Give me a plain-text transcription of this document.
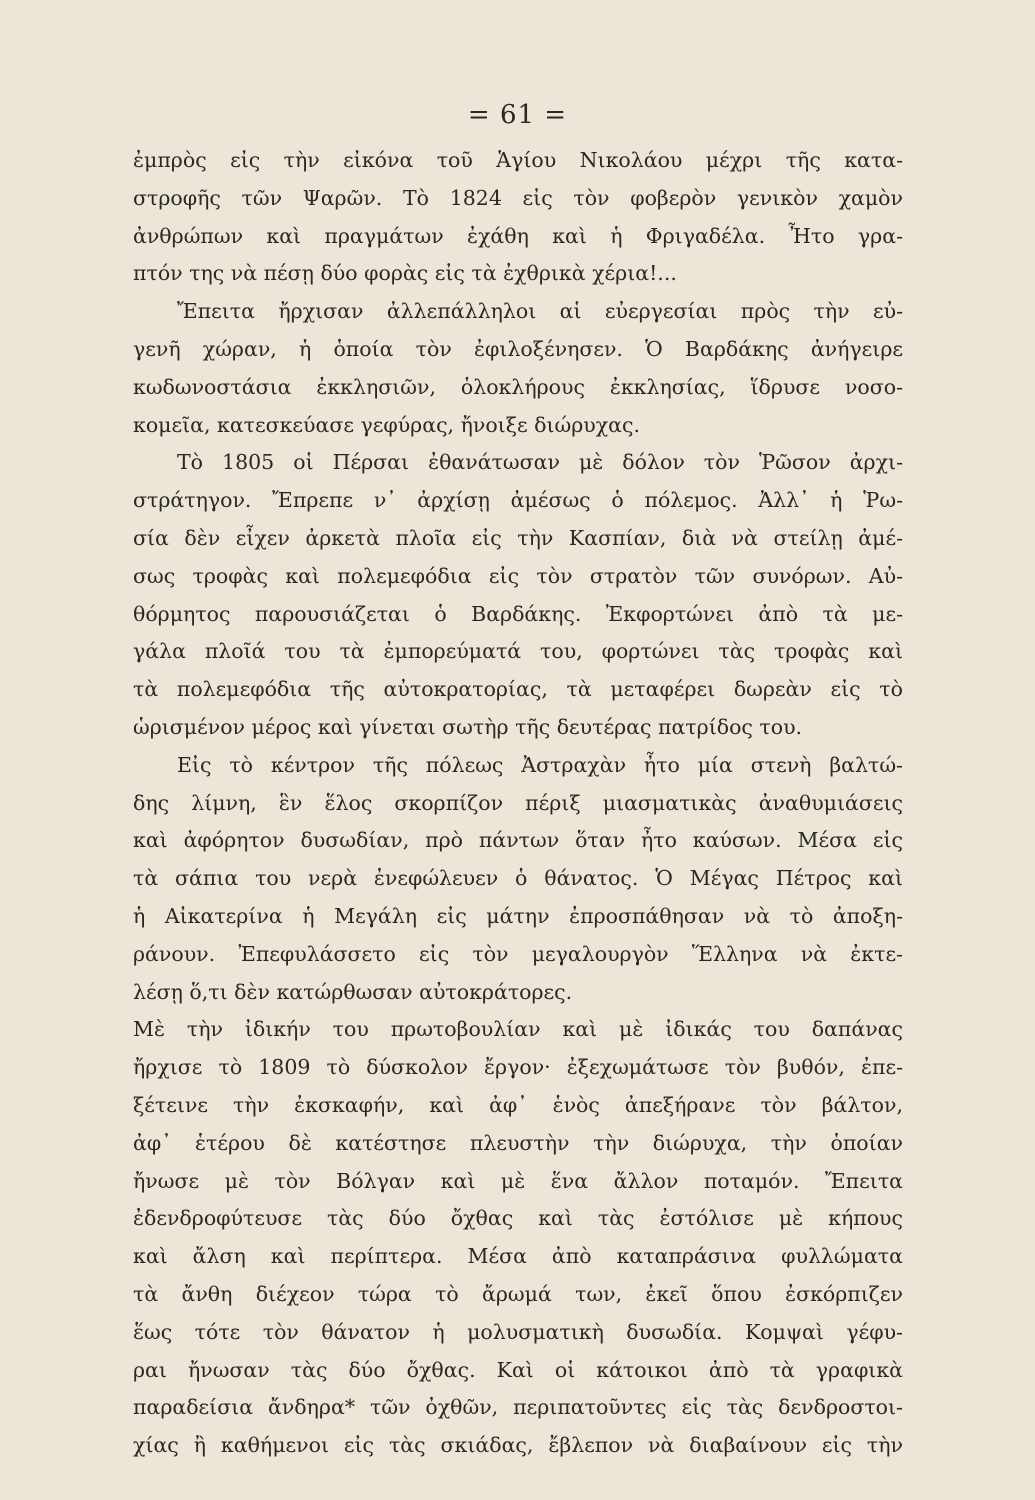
= 61 =
ἐμπρὸς εἰς τὴν εἰκόνα τοῦ Ἁγίου Νικολάου μέχρι τῆς κατα-
στροφῆς τῶν Ψαρῶν. Τὸ 1824 εἰς τὸν φοβερὸν γενικὸν χαμὸν
ἀνθρώπων καὶ πραγμάτων ἐχάθη καὶ ἡ Φριγαδέλα. Ἦτο γρα-
πτόν της νὰ πέσῃ δύο φορὰς εἰς τὰ ἐχθρικὰ χέρια!...
Ἔπειτα ἤρχισαν ἀλλεπάλληλοι αἱ εὐεργεσίαι πρὸς τὴν εὐ-
γενῆ χώραν, ἡ ὁποία τὸν ἐφιλοξένησεν. Ὁ Βαρδάκης ἀνήγειρε
κωδωνοστάσια ἐκκλησιῶν, ὁλοκλήρους ἐκκλησίας, ἵδρυσε νοσο-
κομεῖα, κατεσκεύασε γεφύρας, ἤνοιξε διώρυχας.
Τὸ 1805 οἱ Πέρσαι ἐθανάτωσαν μὲ δόλον τὸν Ῥῶσον ἀρχι-
στράτηγον. Ἔπρεπε ν᾽ ἀρχίσῃ ἀμέσως ὁ πόλεμος. Ἀλλ᾽ ἡ Ῥω-
σία δὲν εἶχεν ἀρκετὰ πλοῖα εἰς τὴν Κασπίαν, διὰ νὰ στείλῃ ἀμέ-
σως τροφὰς καὶ πολεμεφόδια εἰς τὸν στρατὸν τῶν συνόρων. Αὐ-
θόρμητος παρουσιάζεται ὁ Βαρδάκης. Ἐκφορτώνει ἀπὸ τὰ με-
γάλα πλοῖά του τὰ ἐμπορεύματά του, φορτώνει τὰς τροφὰς καὶ
τὰ πολεμεφόδια τῆς αὐτοκρατορίας, τὰ μεταφέρει δωρεὰν εἰς τὸ
ὡρισμένον μέρος καὶ γίνεται σωτὴρ τῆς δευτέρας πατρίδος του.
Εἰς τὸ κέντρον τῆς πόλεως Ἀστραχὰν ἦτο μία στενὴ βαλτώ-
δης λίμνη, ἓν ἕλος σκορπίζον πέριξ μιασματικὰς ἀναθυμιάσεις
καὶ ἀφόρητον δυσωδίαν, πρὸ πάντων ὅταν ἦτο καύσων. Μέσα εἰς
τὰ σάπια του νερὰ ἐνεφώλευεν ὁ θάνατος. Ὁ Μέγας Πέτρος καὶ
ἡ Αἰκατερίνα ἡ Μεγάλη εἰς μάτην ἐπροσπάθησαν νὰ τὸ ἀποξη-
ράνουν. Ἐπεφυλάσσετο εἰς τὸν μεγαλουργὸν Ἕλληνα νὰ ἐκτε-
λέσῃ ὅ,τι δὲν κατώρθωσαν αὐτοκράτορες.
Μὲ τὴν ἰδικήν του πρωτοβουλίαν καὶ μὲ ἰδικάς του δαπάνας
ἤρχισε τὸ 1809 τὸ δύσκολον ἔργον· ἐξεχωμάτωσε τὸν βυθόν, ἐπε-
ξέτεινε τὴν ἐκσκαφήν, καὶ ἀφ᾽ ἑνὸς ἀπεξήρανε τὸν βάλτον,
ἀφ᾽ ἑτέρου δὲ κατέστησε πλευστὴν τὴν διώρυχα, τὴν ὁποίαν
ἤνωσε μὲ τὸν Βόλγαν καὶ μὲ ἕνα ἄλλον ποταμόν. Ἔπειτα
ἐδενδροφύτευσε τὰς δύο ὄχθας καὶ τὰς ἐστόλισε μὲ κήπους
καὶ ἄλση καὶ περίπτερα. Μέσα ἀπὸ καταπράσινα φυλλώματα
τὰ ἄνθη διέχεον τώρα τὸ ἄρωμά των, ἐκεῖ ὅπου ἐσκόρπιζεν
ἕως τότε τὸν θάνατον ἡ μολυσματικὴ δυσωδία. Κομψαὶ γέφυ-
ραι ἤνωσαν τὰς δύο ὄχθας. Καὶ οἱ κάτοικοι ἀπὸ τὰ γραφικὰ
παραδείσια ἄνδηρα* τῶν ὀχθῶν, περιπατοῦντες εἰς τὰς δενδροστοι-
χίας ἢ καθήμενοι εἰς τὰς σκιάδας, ἔβλεπον νὰ διαβαίνουν εἰς τὴν
